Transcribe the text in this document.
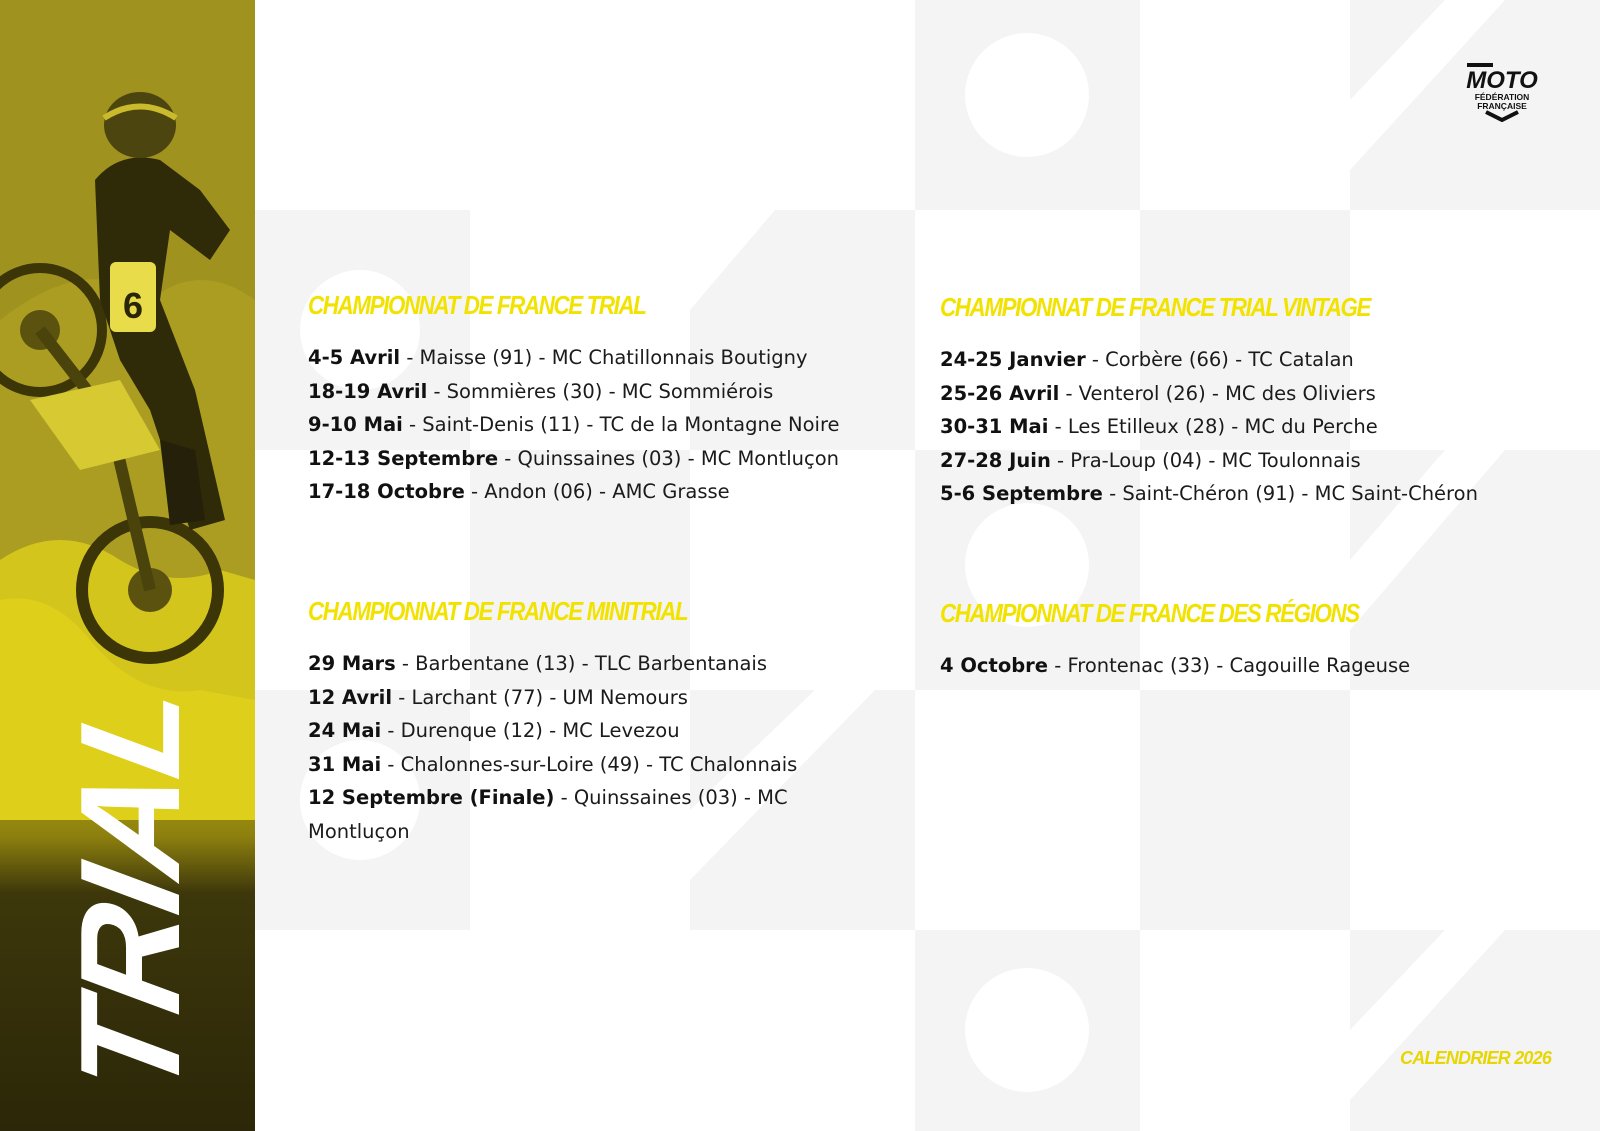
6
TRIAL
MOTO
FÉDÉRATION
FRANÇAISE
CHAMPIONNAT DE FRANCE TRIAL
4-5 Avril - Maisse (91) - MC Chatillonnais Boutigny
18-19 Avril - Sommières (30) - MC Sommiérois
9-10 Mai - Saint-Denis (11) - TC de la Montagne Noire
12-13 Septembre - Quinssaines (03) - MC Montluçon
17-18 Octobre - Andon (06) - AMC Grasse
CHAMPIONNAT DE FRANCE TRIAL VINTAGE
24-25 Janvier - Corbère (66) - TC Catalan
25-26 Avril - Venterol (26) - MC des Oliviers
30-31 Mai - Les Etilleux (28) - MC du Perche
27-28 Juin - Pra-Loup (04) - MC Toulonnais
5-6 Septembre - Saint-Chéron (91) - MC Saint-Chéron
CHAMPIONNAT DE FRANCE MINITRIAL
29 Mars - Barbentane (13) - TLC Barbentanais
12 Avril - Larchant (77) - UM Nemours
24 Mai - Durenque (12) - MC Levezou
31 Mai - Chalonnes-sur-Loire (49) - TC Chalonnais
12 Septembre (Finale) - Quinssaines (03) - MC Montluçon
CHAMPIONNAT DE FRANCE DES RÉGIONS
4 Octobre - Frontenac (33) - Cagouille Rageuse
CALENDRIER 2026
